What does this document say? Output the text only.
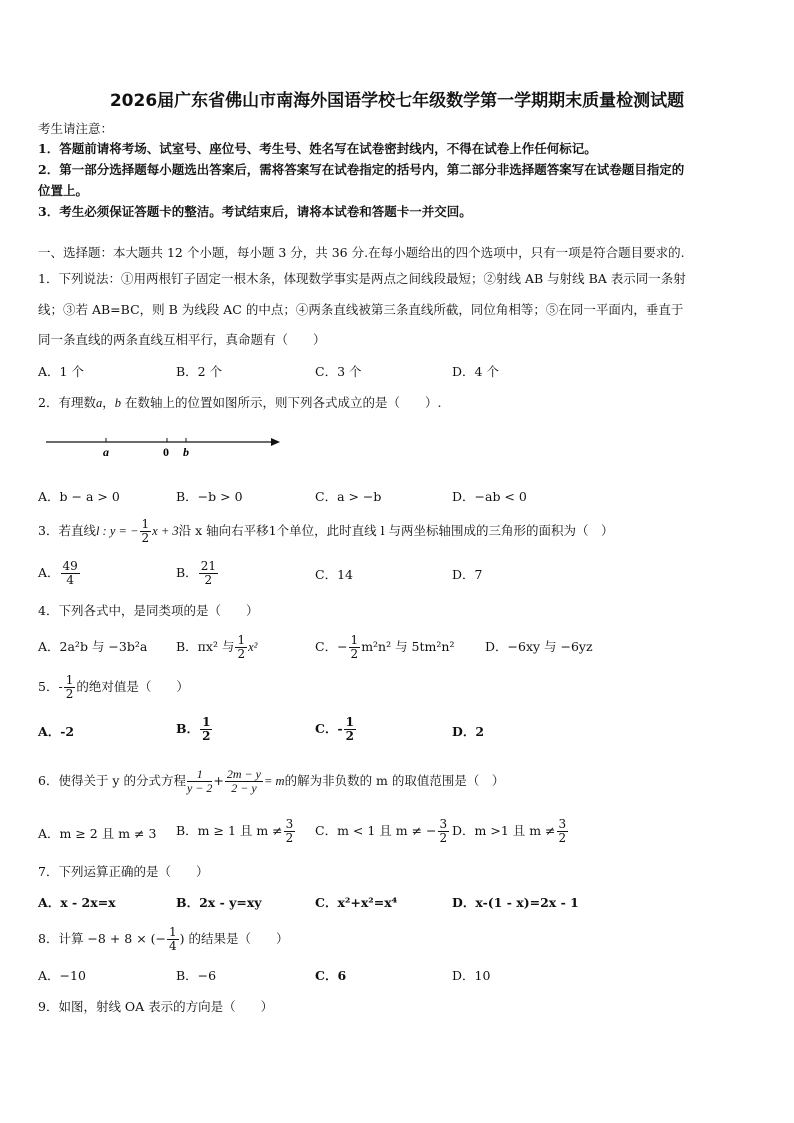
2026届广东省佛山市南海外国语学校七年级数学第一学期期末质量检测试题
考生请注意：
1．答题前请将考场、试室号、座位号、考生号、姓名写在试卷密封线内，不得在试卷上作任何标记。
2．第一部分选择题每小题选出答案后，需将答案写在试卷指定的括号内，第二部分非选择题答案写在试卷题目指定的
位置上。
3．考生必须保证答题卡的整洁。考试结束后，请将本试卷和答题卡一并交回。
一、选择题：本大题共 12 个小题，每小题 3 分，共 36 分.在每小题给出的四个选项中，只有一项是符合题目要求的.
1．下列说法：①用两根钉子固定一根木条，体现数学事实是两点之间线段最短；②射线 AB 与射线 BA 表示同一条射
线；③若 AB=BC，则 B 为线段 AC 的中点；④两条直线被第三条直线所截，同位角相等；⑤在同一平面内，垂直于
同一条直线的两条直线互相平行，真命题有（　　）
A．1 个	B．2 个	C．3 个	D．4 个
2．有理数a，b 在数轴上的位置如图所示，则下列各式成立的是（　　）.
a	0 b
A．b − a > 0	B．−b > 0	C．a > −b	D．−ab < 0
3．若直线l : y = − $\frac{1}{2}$ x + 3沿 x 轴向右平移1个单位，此时直线 l 与两坐标轴围成的三角形的面积为（　）
A． $\frac{49}{4}$	B． $\frac{21}{2}$	C．14	D．7
4．下列各式中，是同类项的是（　　）
A．2a²b 与 −3b²a B．πx² 与 $\frac{1}{2} x^2$	C．− $\frac{1}{2} m^2n^2$ 与 5tm²n² D．−6xy 与 −6yz
5．- $\frac{1}{2}$ 的绝对值是（　　）
A．-2	B． $\frac{1}{2}$	C．- $\frac{1}{2}$	D．2
6．使得关于 y 的分式方程 $\frac{1}{y - 2} + \frac{2m - y}{2 - y} = m$的解为非负数的 m 的取值范围是（　）
A．m ≥ 2 且 m ≠ 3 B．m ≥ 1 且 $m \ne \frac{3}{2}$ C．m < 1 且 m ≠ − $\frac{3}{2}$ D．m >1 且 $m \ne \frac{3}{2}$
7．下列运算正确的是（　　）
A．x - 2x=x	B．2x - y=xy	C．x²+x²=x⁴	D．x-(1 - x)=2x - 1
8．计算 −8 + 8 × (− $\frac{1}{4}$ ) 的结果是（　　）
A．−10	B．−6	C．6	D．10
9．如图，射线 OA 表示的方向是（　　）
